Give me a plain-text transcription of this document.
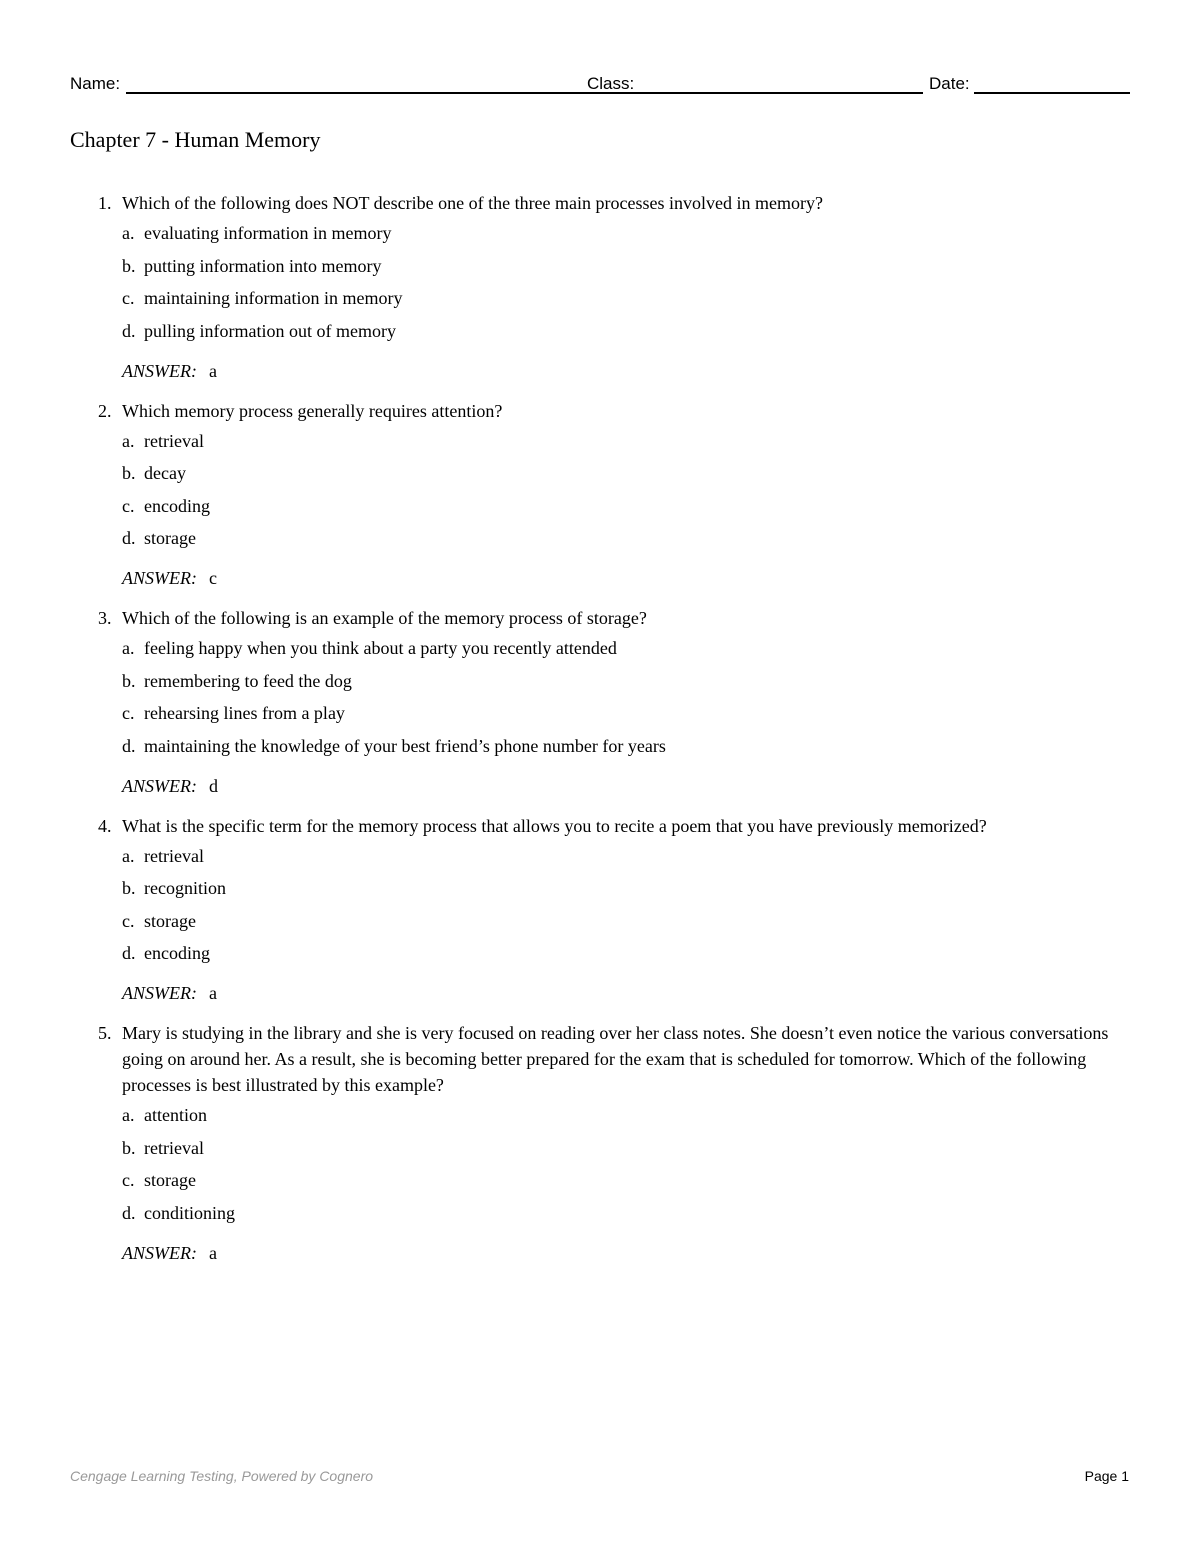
Name:	Class:	Date:
Chapter 7 - Human Memory
1. Which of the following does NOT describe one of the three main processes involved in memory?
a. evaluating information in memory
b. putting information into memory
c. maintaining information in memory
d. pulling information out of memory
ANSWER: a
2. Which memory process generally requires attention?
a. retrieval
b. decay
c. encoding
d. storage
ANSWER: c
3. Which of the following is an example of the memory process of storage?
a. feeling happy when you think about a party you recently attended
b. remembering to feed the dog
c. rehearsing lines from a play
d. maintaining the knowledge of your best friend’s phone number for years
ANSWER: d
4. What is the specific term for the memory process that allows you to recite a poem that you have previously memorized?
a. retrieval
b. recognition
c. storage
d. encoding
ANSWER: a
5. Mary is studying in the library and she is very focused on reading over her class notes. She doesn’t even notice the various conversations going on around her. As a result, she is becoming better prepared for the exam that is scheduled for tomorrow. Which of the following processes is best illustrated by this example?
a. attention
b. retrieval
c. storage
d. conditioning
ANSWER: a
Cengage Learning Testing, Powered by Cognero	Page 1
